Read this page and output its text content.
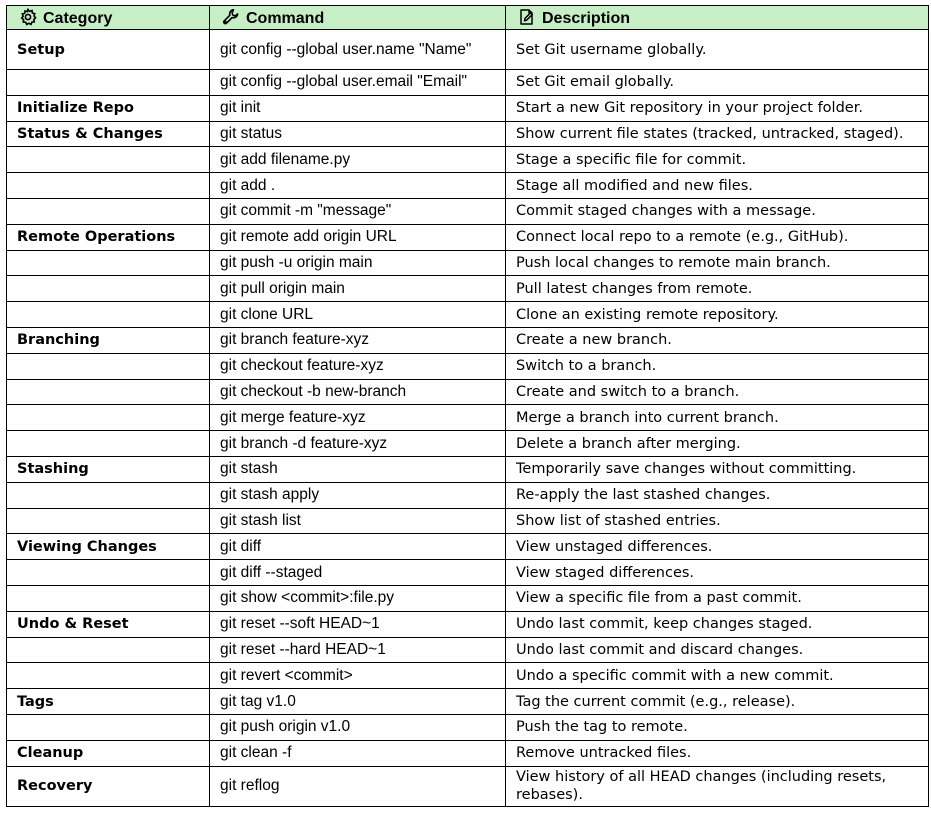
Category	Command	Description
Setup	git config --global user.name "Name"	Set Git username globally.
	git config --global user.email "Email"	Set Git email globally.
Initialize Repo	git init	Start a new Git repository in your project folder.
Status & Changes	git status	Show current file states (tracked, untracked, staged).
	git add filename.py	Stage a specific file for commit.
	git add .	Stage all modified and new files.
	git commit -m "message"	Commit staged changes with a message.
Remote Operations	git remote add origin URL	Connect local repo to a remote (e.g., GitHub).
	git push -u origin main	Push local changes to remote main branch.
	git pull origin main	Pull latest changes from remote.
	git clone URL	Clone an existing remote repository.
Branching	git branch feature-xyz	Create a new branch.
	git checkout feature-xyz	Switch to a branch.
	git checkout -b new-branch	Create and switch to a branch.
	git merge feature-xyz	Merge a branch into current branch.
	git branch -d feature-xyz	Delete a branch after merging.
Stashing	git stash	Temporarily save changes without committing.
	git stash apply	Re-apply the last stashed changes.
	git stash list	Show list of stashed entries.
Viewing Changes	git diff	View unstaged differences.
	git diff --staged	View staged differences.
	git show <commit>:file.py	View a specific file from a past commit.
Undo & Reset	git reset --soft HEAD~1	Undo last commit, keep changes staged.
	git reset --hard HEAD~1	Undo last commit and discard changes.
	git revert <commit>	Undo a specific commit with a new commit.
Tags	git tag v1.0	Tag the current commit (e.g., release).
	git push origin v1.0	Push the tag to remote.
Cleanup	git clean -f	Remove untracked files.
Recovery	git reflog	View history of all HEAD changes (including resets, rebases).
